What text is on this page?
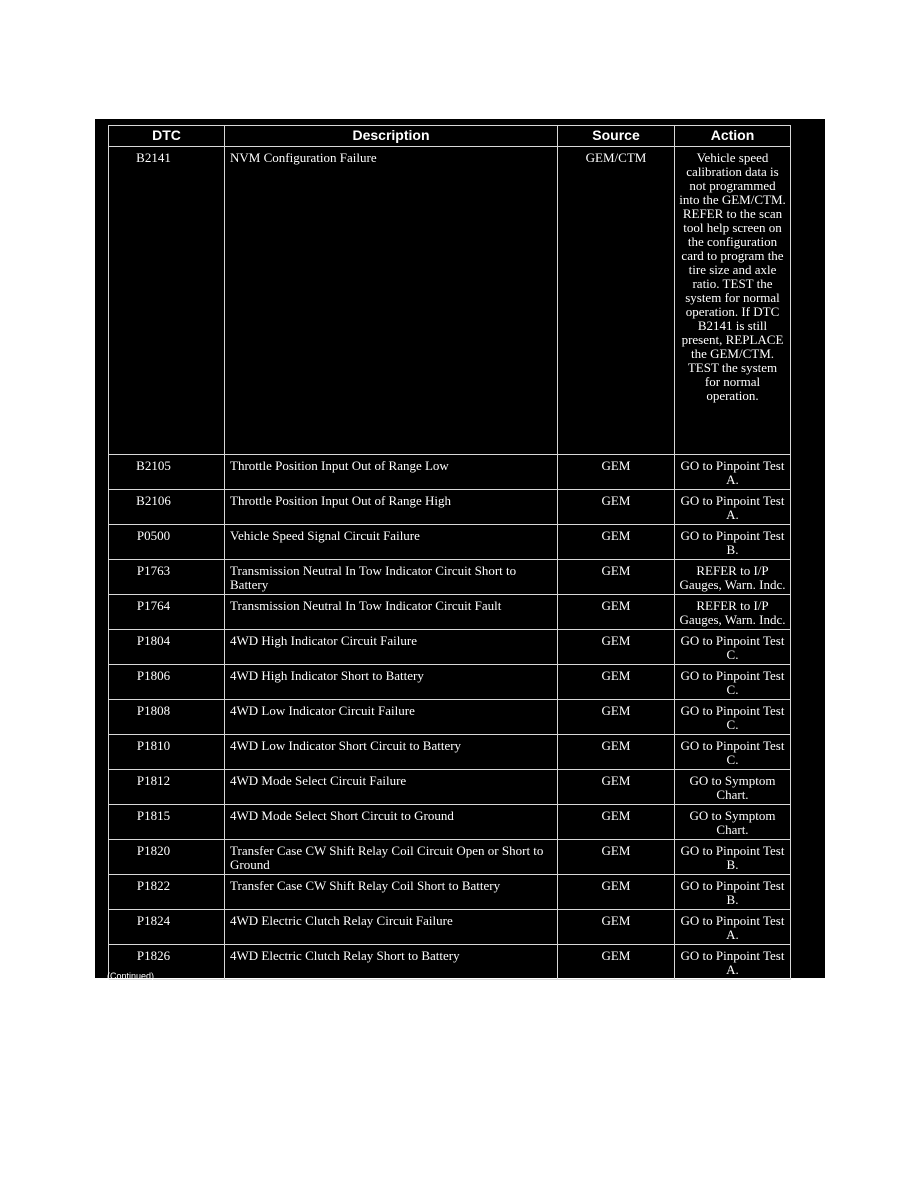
DTC	Description	Source	Action
B2141	NVM Configuration Failure	GEM/CTM	Vehicle speed calibration data is not programmed into the GEM/CTM. REFER to the scan tool help screen on the configuration card to program the tire size and axle ratio. TEST the system for normal operation. If DTC B2141 is still present, REPLACE the GEM/CTM. TEST the system for normal operation.
B2105	Throttle Position Input Out of Range Low	GEM	GO to Pinpoint Test A.
B2106	Throttle Position Input Out of Range High	GEM	GO to Pinpoint Test A.
P0500	Vehicle Speed Signal Circuit Failure	GEM	GO to Pinpoint Test B.
P1763	Transmission Neutral In Tow Indicator Circuit Short to Battery	GEM	REFER to I/P Gauges, Warn. Indc.
P1764	Transmission Neutral In Tow Indicator Circuit Fault	GEM	REFER to I/P Gauges, Warn. Indc.
P1804	4WD High Indicator Circuit Failure	GEM	GO to Pinpoint Test C.
P1806	4WD High Indicator Short to Battery	GEM	GO to Pinpoint Test C.
P1808	4WD Low Indicator Circuit Failure	GEM	GO to Pinpoint Test C.
P1810	4WD Low Indicator Short Circuit to Battery	GEM	GO to Pinpoint Test C.
P1812	4WD Mode Select Circuit Failure	GEM	GO to Symptom Chart.
P1815	4WD Mode Select Short Circuit to Ground	GEM	GO to Symptom Chart.
P1820	Transfer Case CW Shift Relay Coil Circuit Open or Short to Ground	GEM	GO to Pinpoint Test B.
P1822	Transfer Case CW Shift Relay Coil Short to Battery	GEM	GO to Pinpoint Test B.
P1824	4WD Electric Clutch Relay Circuit Failure	GEM	GO to Pinpoint Test A.
P1826	4WD Electric Clutch Relay Short to Battery	GEM	GO to Pinpoint Test A.
(Continued)
